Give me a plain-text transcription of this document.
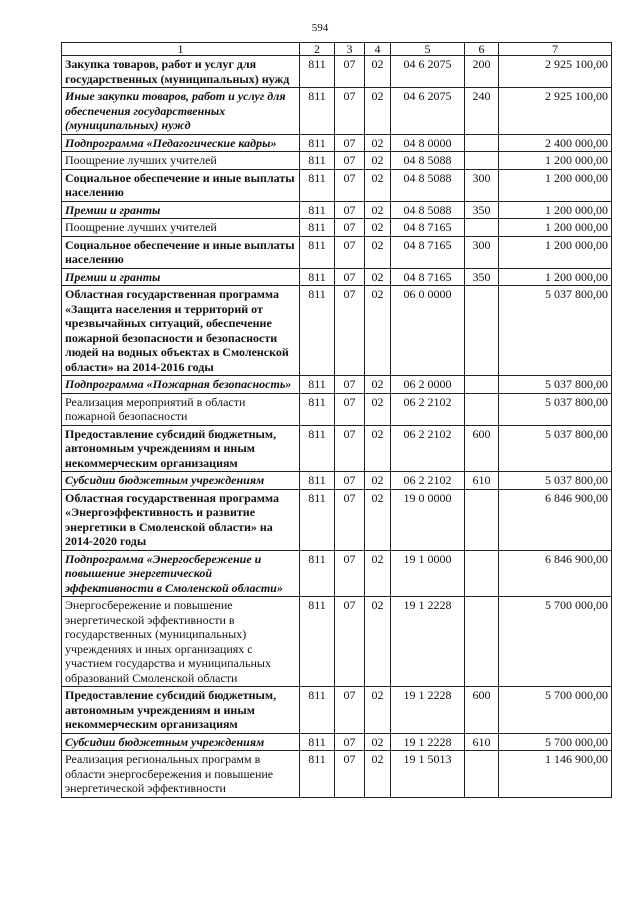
594
1	2	3	4	5	6	7
Закупка товаров, работ и услуг для государственных (муниципальных) нужд	811	07	02	04 6 2075	200	2 925 100,00
Иные закупки товаров, работ и услуг для обеспечения государственных (муниципальных) нужд	811	07	02	04 6 2075	240	2 925 100,00
Подпрограмма «Педагогические кадры»	811	07	02	04 8 0000		2 400 000,00
Поощрение лучших учителей	811	07	02	04 8 5088		1 200 000,00
Социальное обеспечение и иные выплаты населению	811	07	02	04 8 5088	300	1 200 000,00
Премии и гранты	811	07	02	04 8 5088	350	1 200 000,00
Поощрение лучших учителей	811	07	02	04 8 7165		1 200 000,00
Социальное обеспечение и иные выплаты населению	811	07	02	04 8 7165	300	1 200 000,00
Премии и гранты	811	07	02	04 8 7165	350	1 200 000,00
Областная государственная программа «Защита населения и территорий от чрезвычайных ситуаций, обеспечение пожарной безопасности и безопасности людей на водных объектах в Смоленской области» на 2014-2016 годы	811	07	02	06 0 0000		5 037 800,00
Подпрограмма «Пожарная безопасность»	811	07	02	06 2 0000		5 037 800,00
Реализация мероприятий в области пожарной безопасности	811	07	02	06 2 2102		5 037 800,00
Предоставление субсидий бюджетным, автономным учреждениям и иным некоммерческим организациям	811	07	02	06 2 2102	600	5 037 800,00
Субсидии бюджетным учреждениям	811	07	02	06 2 2102	610	5 037 800,00
Областная государственная программа «Энергоэффективность и развитие энергетики в Смоленской области» на 2014-2020 годы	811	07	02	19 0 0000		6 846 900,00
Подпрограмма «Энергосбережение и повышение энергетической эффективности в Смоленской области»	811	07	02	19 1 0000		6 846 900,00
Энергосбережение и повышение энергетической эффективности в государственных (муниципальных) учреждениях и иных организациях с участием государства и муниципальных образований Смоленской области	811	07	02	19 1 2228		5 700 000,00
Предоставление субсидий бюджетным, автономным учреждениям и иным некоммерческим организациям	811	07	02	19 1 2228	600	5 700 000,00
Субсидии бюджетным учреждениям	811	07	02	19 1 2228	610	5 700 000,00
Реализация региональных программ в области энергосбережения и повышение энергетической эффективности	811	07	02	19 1 5013		1 146 900,00
